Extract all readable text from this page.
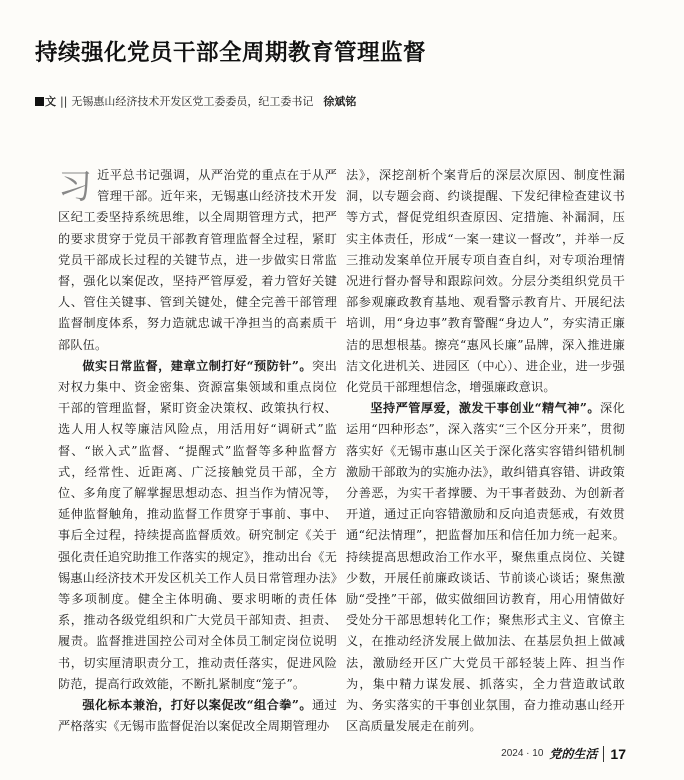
持续强化党员干部全周期教育管理监督
文 || 无锡惠山经济技术开发区党工委委员，纪工委书记 徐斌铭

习近平总书记强调，从严治党的重点在于从严管理干部。近年来，无锡惠山经济技术开发区纪工委坚持系统思维，以全周期管理方式，把严的要求贯穿于党员干部教育管理监督全过程，紧盯党员干部成长过程的关键节点，进一步做实日常监督，强化以案促改，坚持严管厚爱，着力管好关键人、管住关键事、管到关键处，健全完善干部管理监督制度体系，努力造就忠诚干净担当的高素质干部队伍。

做实日常监督，建章立制打好“预防针”。突出对权力集中、资金密集、资源富集领域和重点岗位干部的管理监督，紧盯资金决策权、政策执行权、选人用人权等廉洁风险点，用活用好“调研式”监督、“嵌入式”监督、“提醒式”监督等多种监督方式，经常性、近距离、广泛接触党员干部，全方位、多角度了解掌握思想动态、担当作为情况等，延伸监督触角，推动监督工作贯穿于事前、事中、事后全过程，持续提高监督质效。研究制定《关于强化责任追究助推工作落实的规定》，推动出台《无锡惠山经济技术开发区机关工作人员日常管理办法》等多项制度。健全主体明确、要求明晰的责任体系，推动各级党组织和广大党员干部知责、担责、履责。监督推进国控公司对全体员工制定岗位说明书，切实厘清职责分工，推动责任落实，促进风险防范，提高行政效能，不断扎紧制度“笼子”。

强化标本兼治，打好以案促改“组合拳”。通过严格落实《无锡市监督促治以案促改全周期管理办

法》，深挖剖析个案背后的深层次原因、制度性漏洞，以专题会商、约谈提醒、下发纪律检查建议书等方式，督促党组织查原因、定措施、补漏洞，压实主体责任，形成“一案一建议一督改”，并举一反三推动发案单位开展专项自查自纠，对专项治理情况进行督办督导和跟踪问效。分层分类组织党员干部参观廉政教育基地、观看警示教育片、开展纪法培训，用“身边事”教育警醒“身边人”，夯实清正廉洁的思想根基。擦亮“惠风长廉”品牌，深入推进廉洁文化进机关、进园区（中心）、进企业，进一步强化党员干部理想信念，增强廉政意识。

坚持严管厚爱，激发干事创业“精气神”。深化运用“四种形态”，深入落实“三个区分开来”，贯彻落实好《无锡市惠山区关于深化落实容错纠错机制激励干部敢为的实施办法》，敢纠错真容错、讲政策分善恶，为实干者撑腰、为干事者鼓劲、为创新者开道，通过正向容错激励和反向追责惩戒，有效贯通“纪法情理”，把监督加压和信任加力统一起来。持续提高思想政治工作水平，聚焦重点岗位、关键少数，开展任前廉政谈话、节前谈心谈话；聚焦激励“受挫”干部，做实做细回访教育，用心用情做好受处分干部思想转化工作；聚焦形式主义、官僚主义，在推动经济发展上做加法、在基层负担上做减法，激励经开区广大党员干部轻装上阵、担当作为，集中精力谋发展、抓落实，全力营造敢试敢为、务实落实的干事创业氛围，奋力推动惠山经开区高质量发展走在前列。

2024 · 10 党的生活 17
